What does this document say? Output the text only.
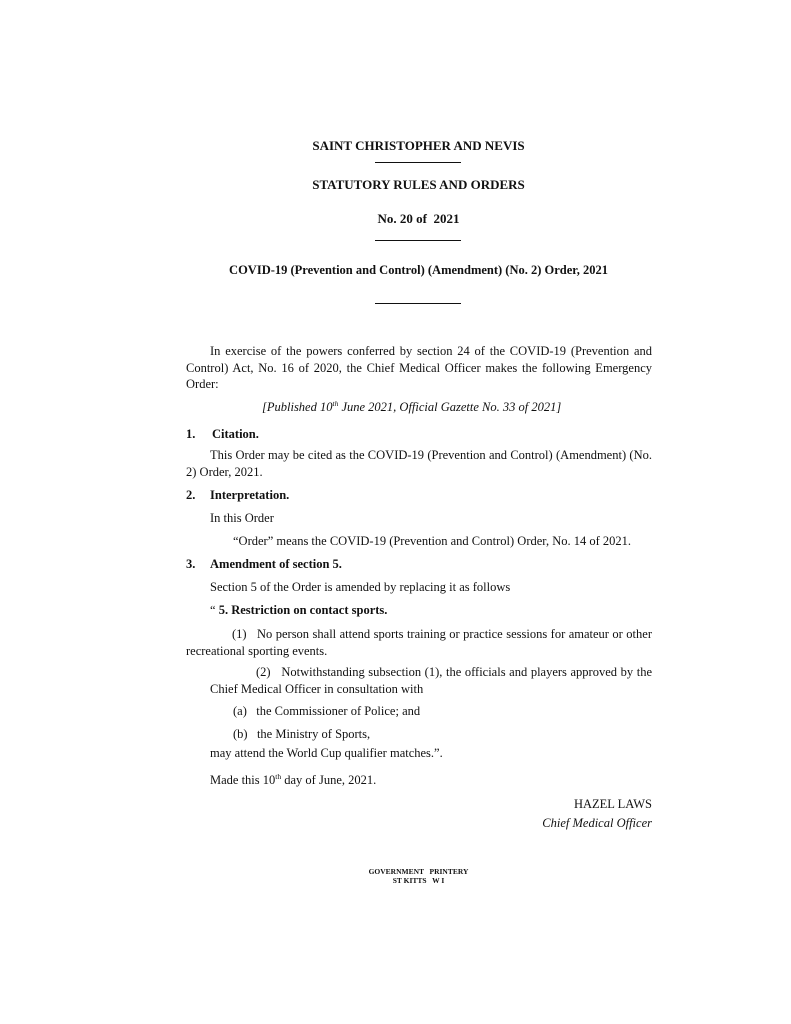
SAINT CHRISTOPHER AND NEVIS
STATUTORY RULES AND ORDERS
No. 20 of  2021
COVID-19 (Prevention and Control) (Amendment) (No. 2) Order, 2021
In exercise of the powers conferred by section 24 of the COVID-19 (Prevention and Control) Act, No. 16 of 2020, the Chief Medical Officer makes the following Emergency Order:
[Published 10th June 2021, Official Gazette No. 33 of 2021]
1. Citation.
This Order may be cited as the COVID-19 (Prevention and Control) (Amendment) (No. 2) Order, 2021.
2. Interpretation.
In this Order
“Order” means the COVID-19 (Prevention and Control) Order, No. 14 of 2021.
3. Amendment of section 5.
Section 5 of the Order is amended by replacing it as follows
“ 5. Restriction on contact sports.
(1)   No person shall attend sports training or practice sessions for amateur or other recreational sporting events.
(2)   Notwithstanding subsection (1), the officials and players approved by the Chief Medical Officer in consultation with
(a)   the Commissioner of Police; and
(b)   the Ministry of Sports,
may attend the World Cup qualifier matches.”.
Made this 10th day of June, 2021.
HAZEL LAWS
Chief Medical Officer
GOVERNMENT   PRINTERY
ST KITTS   W I
